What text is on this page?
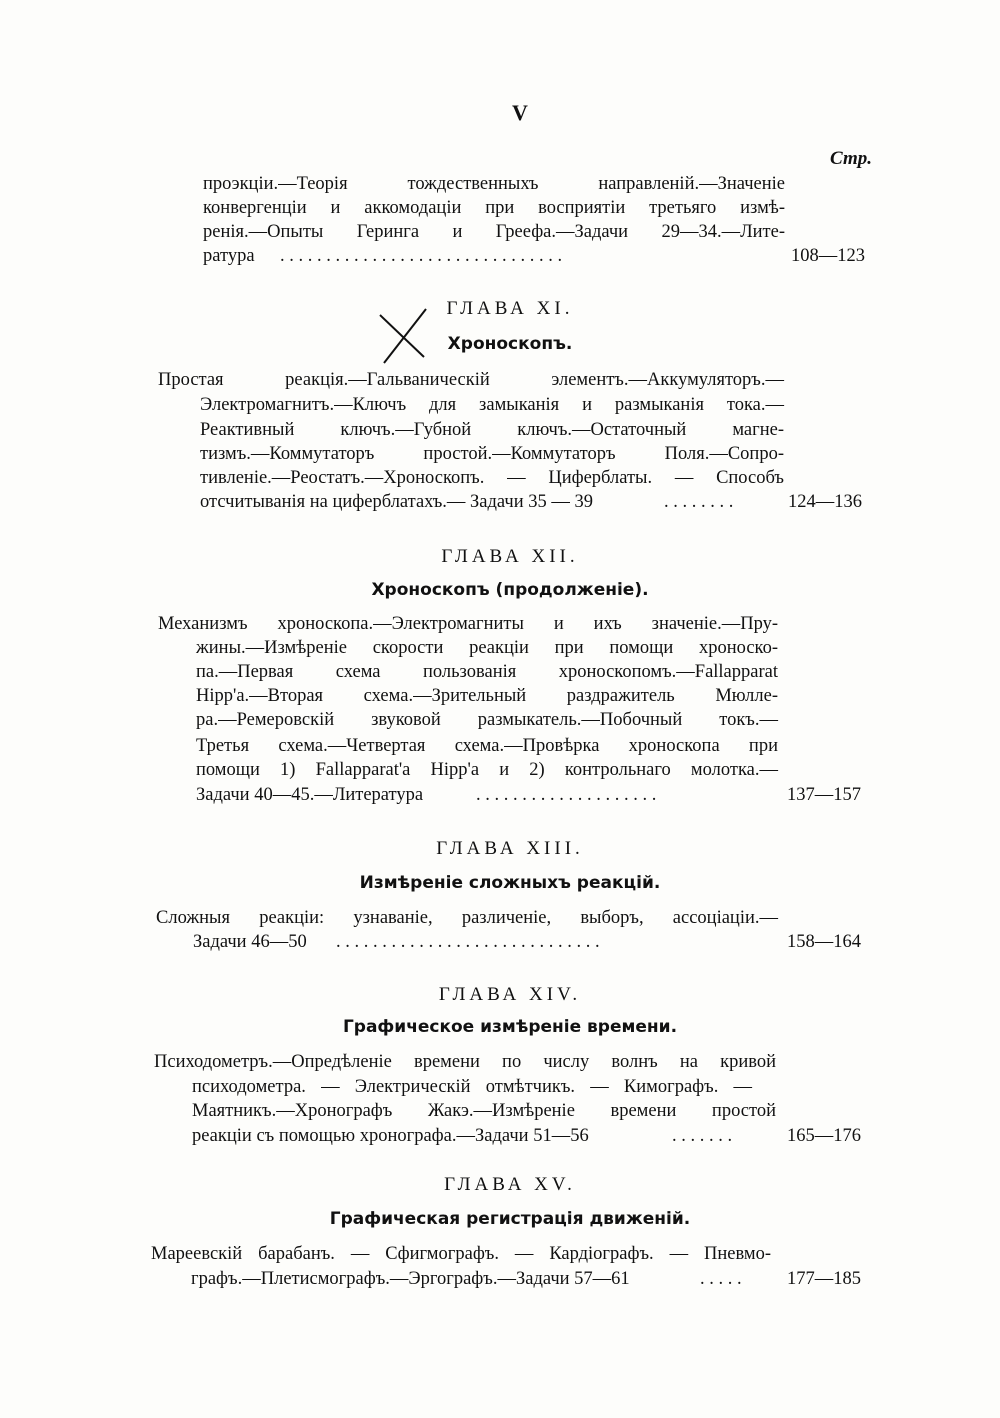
V
Стр.
проэкціи.—Теорія тождественныхъ направленій.—Значеніе
конвергенціи и аккомодаціи при восприятіи третьяго измѣ-
ренія.—Опыты Геринга и Греефа.—Задачи 29—34.—Лите-
ратура . . . . . . . . . . . . . . . . . . . . . . . . . . . . . . .	108—123
ГЛАВА XI.
Хроноскопъ.
Простая реакція.—Гальваническій элементъ.—Аккумуляторъ.—
Электромагнитъ.—Ключъ для замыканія и размыканія тока.—
Реактивный ключъ.—Губной ключъ.—Остаточный магне-
тизмъ.—Коммутаторъ простой.—Коммутаторъ Поля.—Сопро-
тивленіе.—Реостатъ.—Хроноскопъ. — Циферблаты. — Способъ
отсчитыванія на циферблатахъ.— Задачи 35 — 39	. . . . . . . .	124—136
ГЛАВА XII.
Хроноскопъ (продолженіе).
Механизмъ хроноскопа.—Электромагниты и ихъ значеніе.—Пру-
жины.—Измѣреніе скорости реакціи при помощи хроноско-
па.—Первая схема пользованія хроноскопомъ.—Fallapparat
Hipp'a.—Вторая схема.—Зрительный раздражитель Мюлле-
ра.—Ремеровскій звуковой размыкатель.—Побочный токъ.—
Третья схема.—Четвертая схема.—Провѣрка хроноскопа при
помощи 1) Fallapparat'a Hipp'a и 2) контрольнаго молотка.—
Задачи 40—45.—Литература	. . . . . . . . . . . . . . . . . . . .	137—157
ГЛАВА XIII.
Измѣреніе сложныхъ реакцій.
Сложныя реакціи: узнаваніе, различеніе, выборъ, ассоціаціи.—
Задачи 46—50 . . . . . . . . . . . . . . . . . . . . . . . . . . . . .	158—164
ГЛАВА XIV.
Графическое измѣреніе времени.
Психодометръ.—Опредѣленіе времени по числу волнъ на кривой
психодометра. — Электрическій отмѣтчикъ. — Кимографъ. —
Маятникъ.—Хронографъ Жакэ.—Измѣреніе времени простой
реакціи съ помощью хронографа.—Задачи 51—56	. . . . . . .	165—176
ГЛАВА XV.
Графическая регистрація движеній.
Мареевскій барабанъ. — Сфигмографъ. — Кардіографъ. — Пневмо-
графъ.—Плетисмографъ.—Эргографъ.—Задачи 57—61	. . . . .	177—185
